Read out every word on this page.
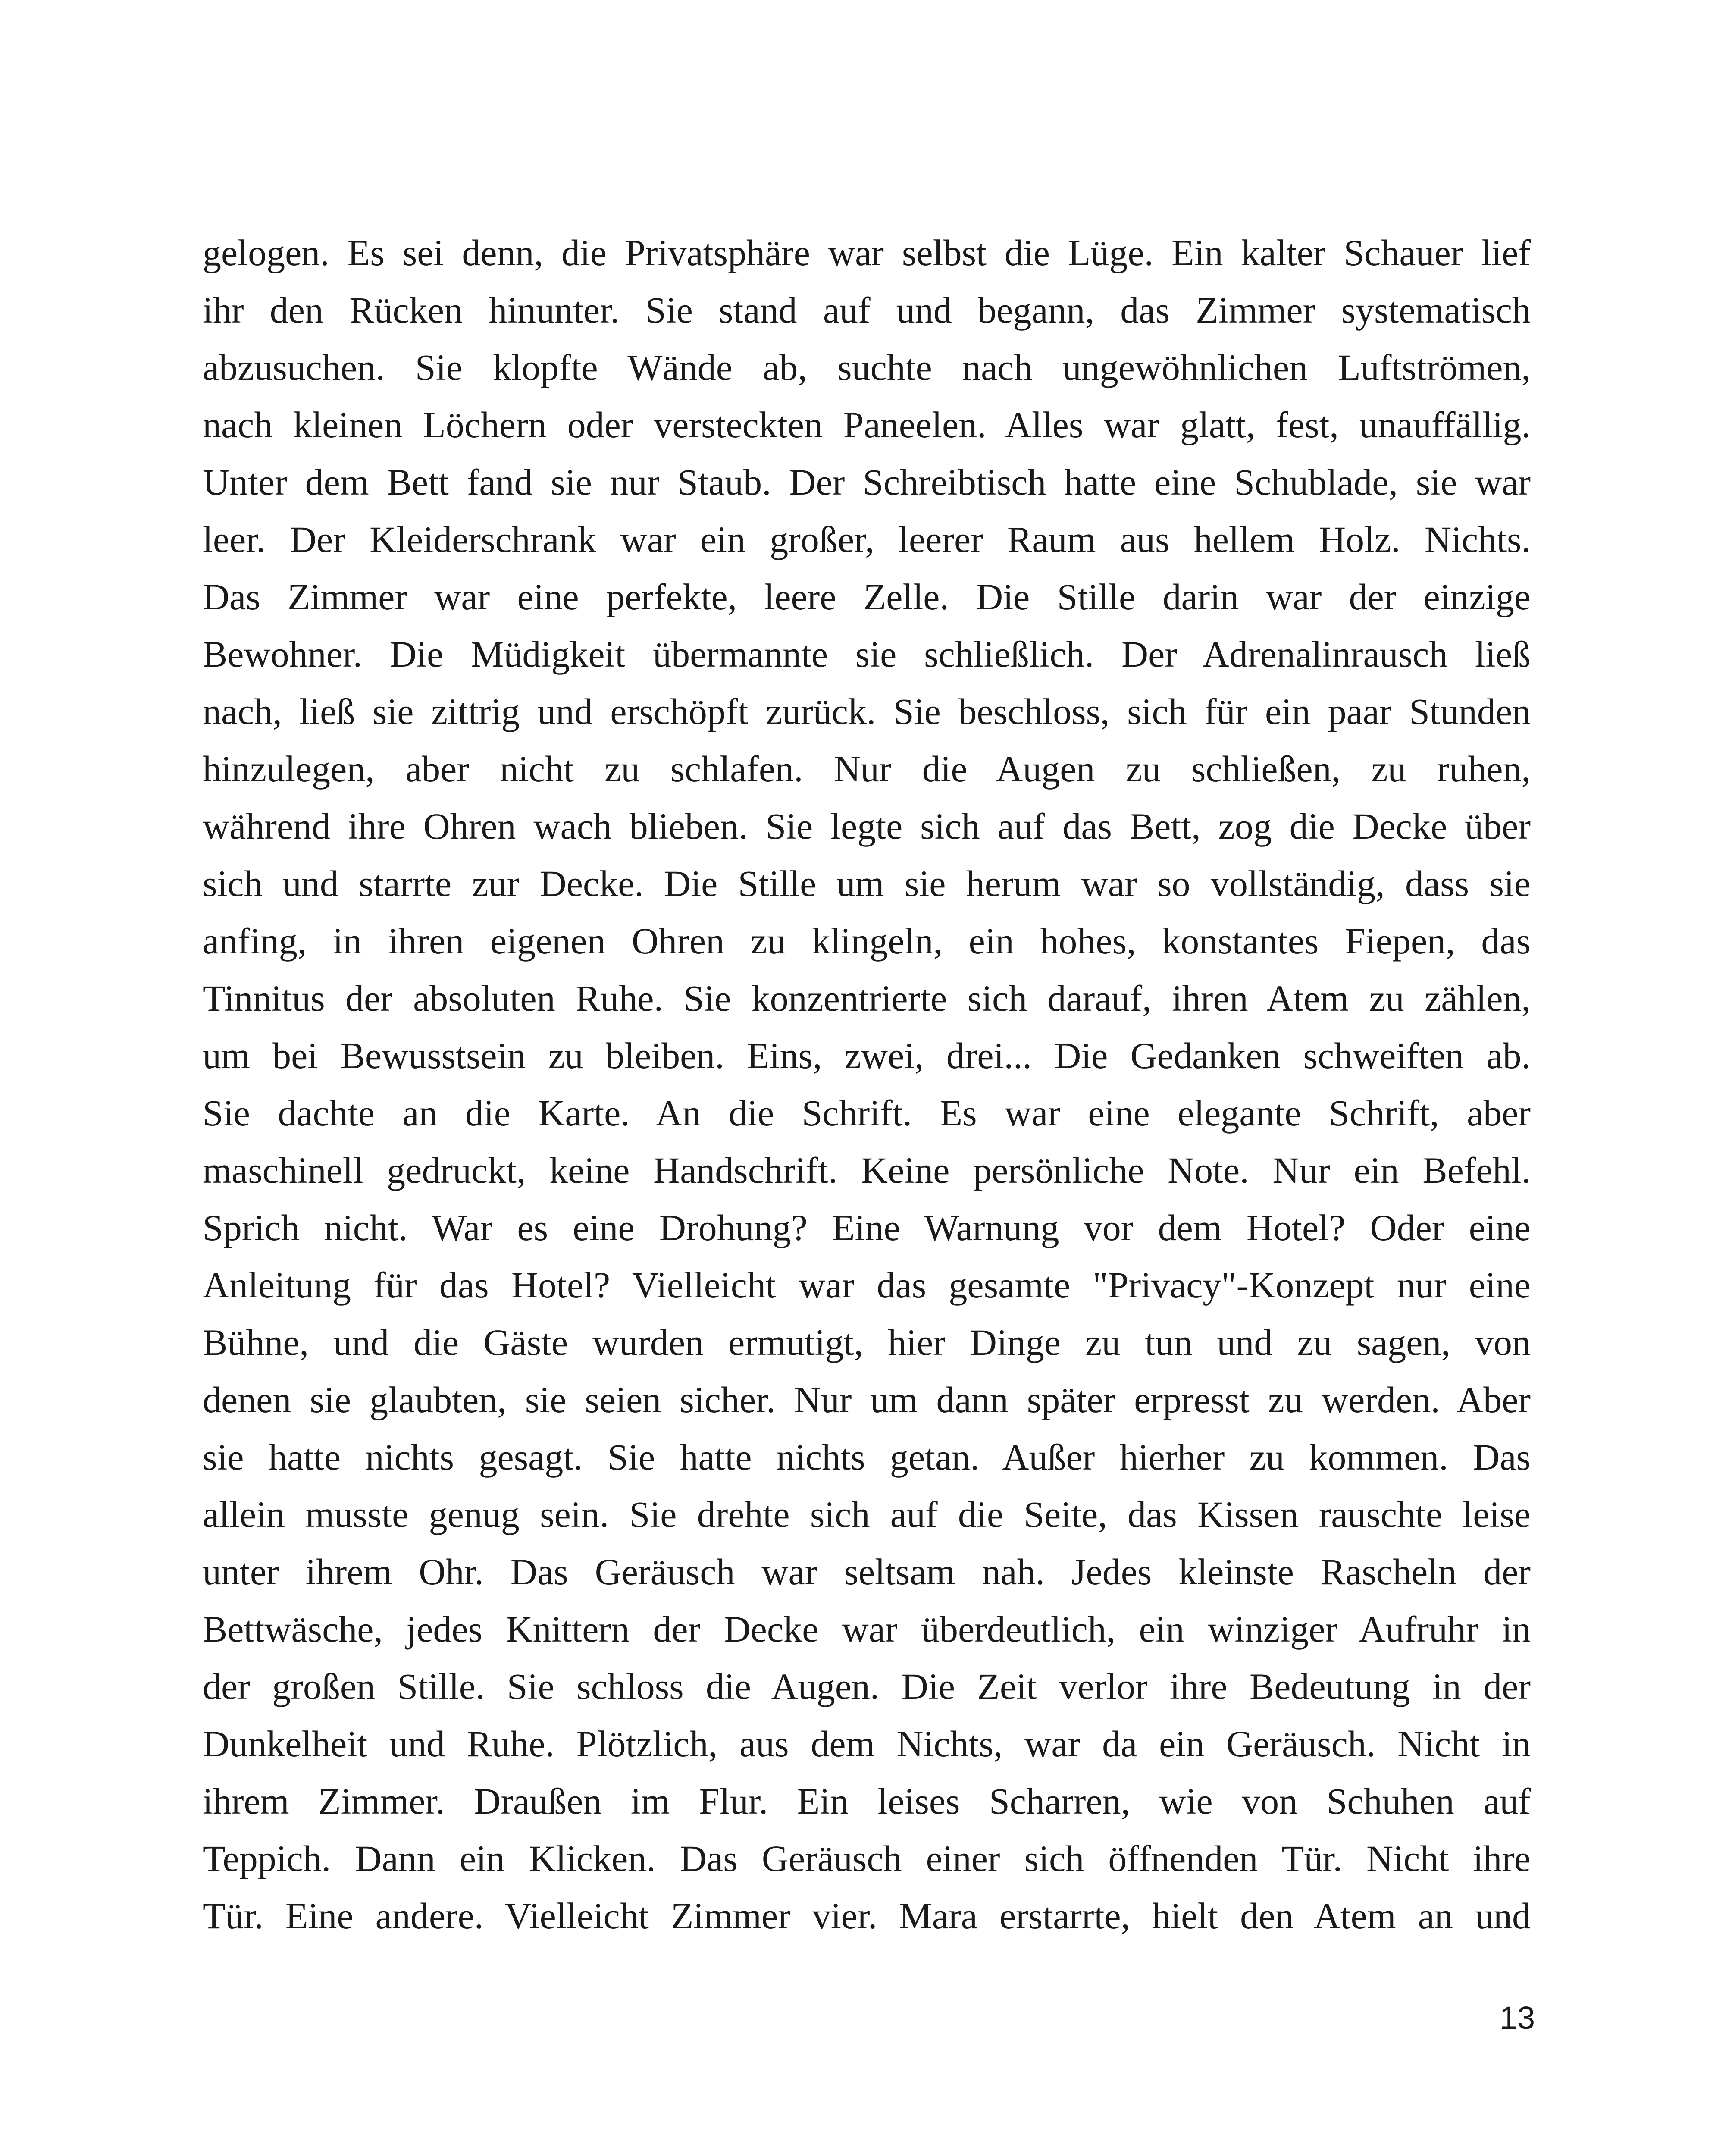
gelogen. Es sei denn, die Privatsphäre war selbst die Lüge. Ein kalter Schauer lief
ihr den Rücken hinunter. Sie stand auf und begann, das Zimmer systematisch
abzusuchen. Sie klopfte Wände ab, suchte nach ungewöhnlichen Luftströmen,
nach kleinen Löchern oder versteckten Paneelen. Alles war glatt, fest, unauffällig.
Unter dem Bett fand sie nur Staub. Der Schreibtisch hatte eine Schublade, sie war
leer. Der Kleiderschrank war ein großer, leerer Raum aus hellem Holz. Nichts.
Das Zimmer war eine perfekte, leere Zelle. Die Stille darin war der einzige
Bewohner. Die Müdigkeit übermannte sie schließlich. Der Adrenalinrausch ließ
nach, ließ sie zittrig und erschöpft zurück. Sie beschloss, sich für ein paar Stunden
hinzulegen, aber nicht zu schlafen. Nur die Augen zu schließen, zu ruhen,
während ihre Ohren wach blieben. Sie legte sich auf das Bett, zog die Decke über
sich und starrte zur Decke. Die Stille um sie herum war so vollständig, dass sie
anfing, in ihren eigenen Ohren zu klingeln, ein hohes, konstantes Fiepen, das
Tinnitus der absoluten Ruhe. Sie konzentrierte sich darauf, ihren Atem zu zählen,
um bei Bewusstsein zu bleiben. Eins, zwei, drei... Die Gedanken schweiften ab.
Sie dachte an die Karte. An die Schrift. Es war eine elegante Schrift, aber
maschinell gedruckt, keine Handschrift. Keine persönliche Note. Nur ein Befehl.
Sprich nicht. War es eine Drohung? Eine Warnung vor dem Hotel? Oder eine
Anleitung für das Hotel? Vielleicht war das gesamte "Privacy"-Konzept nur eine
Bühne, und die Gäste wurden ermutigt, hier Dinge zu tun und zu sagen, von
denen sie glaubten, sie seien sicher. Nur um dann später erpresst zu werden. Aber
sie hatte nichts gesagt. Sie hatte nichts getan. Außer hierher zu kommen. Das
allein musste genug sein. Sie drehte sich auf die Seite, das Kissen rauschte leise
unter ihrem Ohr. Das Geräusch war seltsam nah. Jedes kleinste Rascheln der
Bettwäsche, jedes Knittern der Decke war überdeutlich, ein winziger Aufruhr in
der großen Stille. Sie schloss die Augen. Die Zeit verlor ihre Bedeutung in der
Dunkelheit und Ruhe. Plötzlich, aus dem Nichts, war da ein Geräusch. Nicht in
ihrem Zimmer. Draußen im Flur. Ein leises Scharren, wie von Schuhen auf
Teppich. Dann ein Klicken. Das Geräusch einer sich öffnenden Tür. Nicht ihre
Tür. Eine andere. Vielleicht Zimmer vier. Mara erstarrte, hielt den Atem an und
13
